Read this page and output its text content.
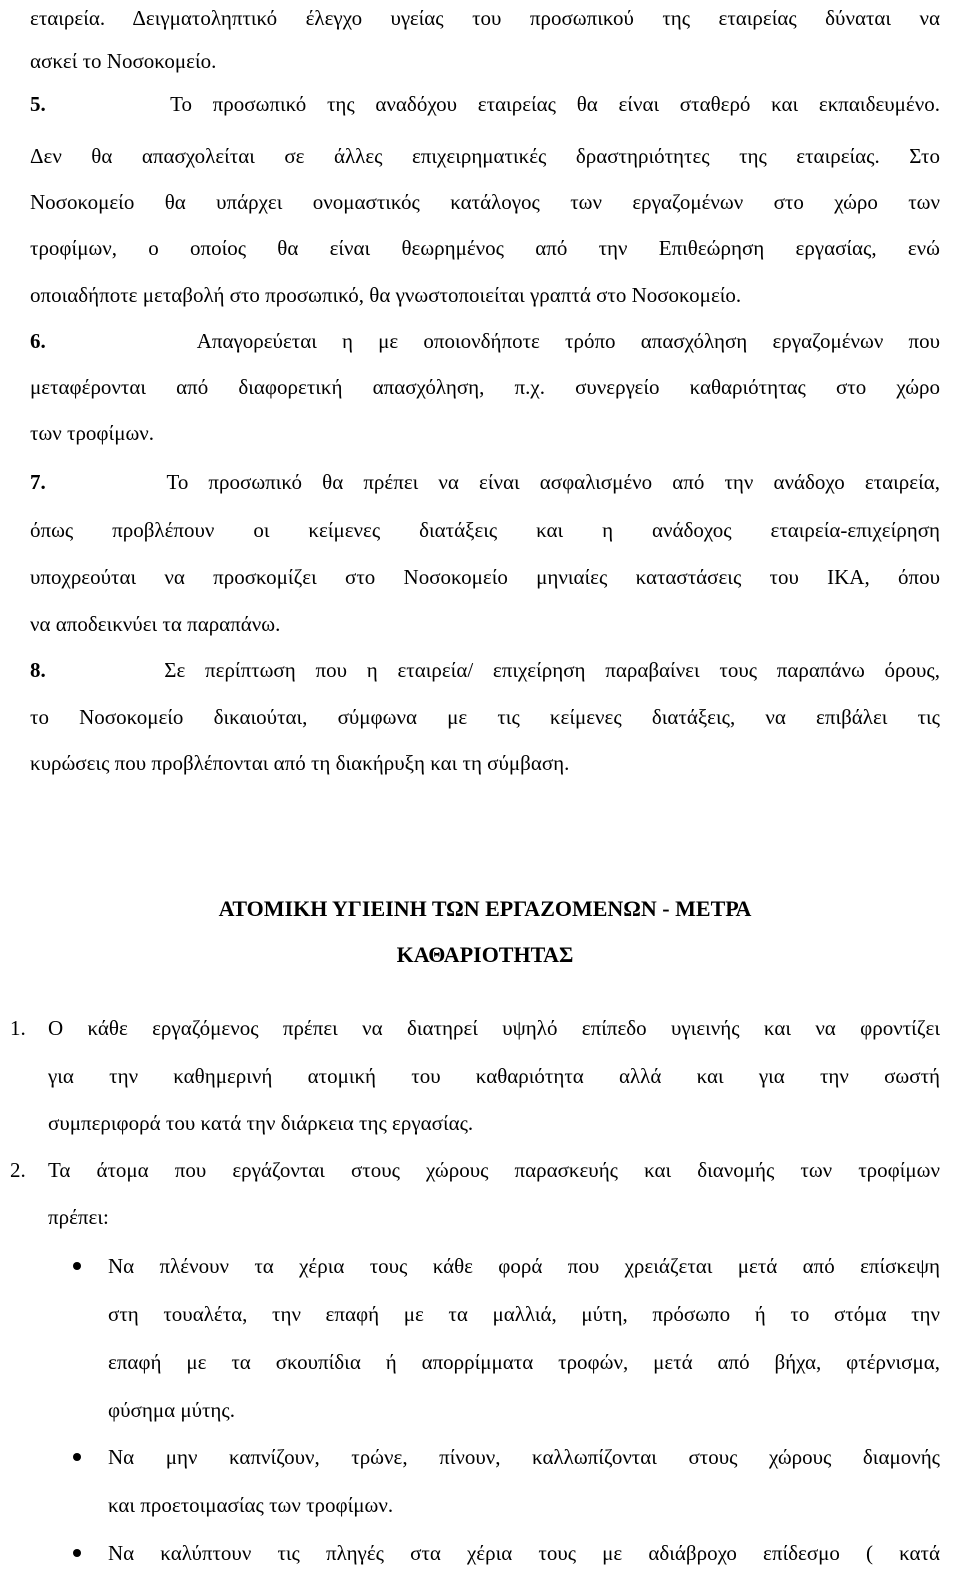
εταιρεία. Δειγματοληπτικό έλεγχο υγείας του προσωπικού της εταιρείας δύναται να
ασκεί το Νοσοκομείο.
5.	Το προσωπικό της αναδόχου εταιρείας θα είναι σταθερό και εκπαιδευμένο.
Δεν θα απασχολείται σε άλλες επιχειρηματικές δραστηριότητες της εταιρείας. Στο
Νοσοκομείο θα υπάρχει ονομαστικός κατάλογος των εργαζομένων στο χώρο των
τροφίμων, ο οποίος θα είναι θεωρημένος από την Επιθεώρηση εργασίας, ενώ
οποιαδήποτε μεταβολή στο προσωπικό, θα γνωστοποιείται γραπτά στο Νοσοκομείο.
6.	Απαγορεύεται η με οποιονδήποτε τρόπο απασχόληση εργαζομένων που
μεταφέρονται από διαφορετική απασχόληση, π.χ. συνεργείο καθαριότητας στο χώρο
των τροφίμων.
7.	Το προσωπικό θα πρέπει να είναι ασφαλισμένο από την ανάδοχο εταιρεία,
όπως προβλέπουν οι κείμενες διατάξεις και η ανάδοχος εταιρεία-επιχείρηση
υποχρεούται να προσκομίζει στο Νοσοκομείο μηνιαίες καταστάσεις του ΙΚΑ, όπου
να αποδεικνύει τα παραπάνω.
8.	Σε περίπτωση που η εταιρεία/ επιχείρηση παραβαίνει τους παραπάνω όρους,
το Νοσοκομείο δικαιούται, σύμφωνα με τις κείμενες διατάξεις, να επιβάλει τις
κυρώσεις που προβλέπονται από τη διακήρυξη και τη σύμβαση.
ΑΤΟΜΙΚΗ ΥΓΙΕΙΝΗ ΤΩΝ ΕΡΓΑΖΟΜΕΝΩΝ - ΜΕΤΡΑ
ΚΑΘΑΡΙΟΤΗΤΑΣ
1. Ο κάθε εργαζόμενος πρέπει να διατηρεί υψηλό επίπεδο υγιεινής και να φροντίζει
για την καθημερινή ατομική του καθαριότητα αλλά και για την σωστή
συμπεριφορά του κατά την διάρκεια της εργασίας.
2. Τα άτομα που εργάζονται στους χώρους παρασκευής και διανομής των τροφίμων
πρέπει:
Να πλένουν τα χέρια τους κάθε φορά που χρειάζεται μετά από επίσκεψη
στη τουαλέτα, την επαφή με τα μαλλιά, μύτη, πρόσωπο ή το στόμα την
επαφή με τα σκουπίδια ή απορρίμματα τροφών, μετά από βήχα, φτέρνισμα,
φύσημα μύτης.
Να μην καπνίζουν, τρώνε, πίνουν, καλλωπίζονται στους χώρους διαμονής
και προετοιμασίας των τροφίμων.
Να καλύπτουν τις πληγές στα χέρια τους με αδιάβροχο επίδεσμο ( κατά
